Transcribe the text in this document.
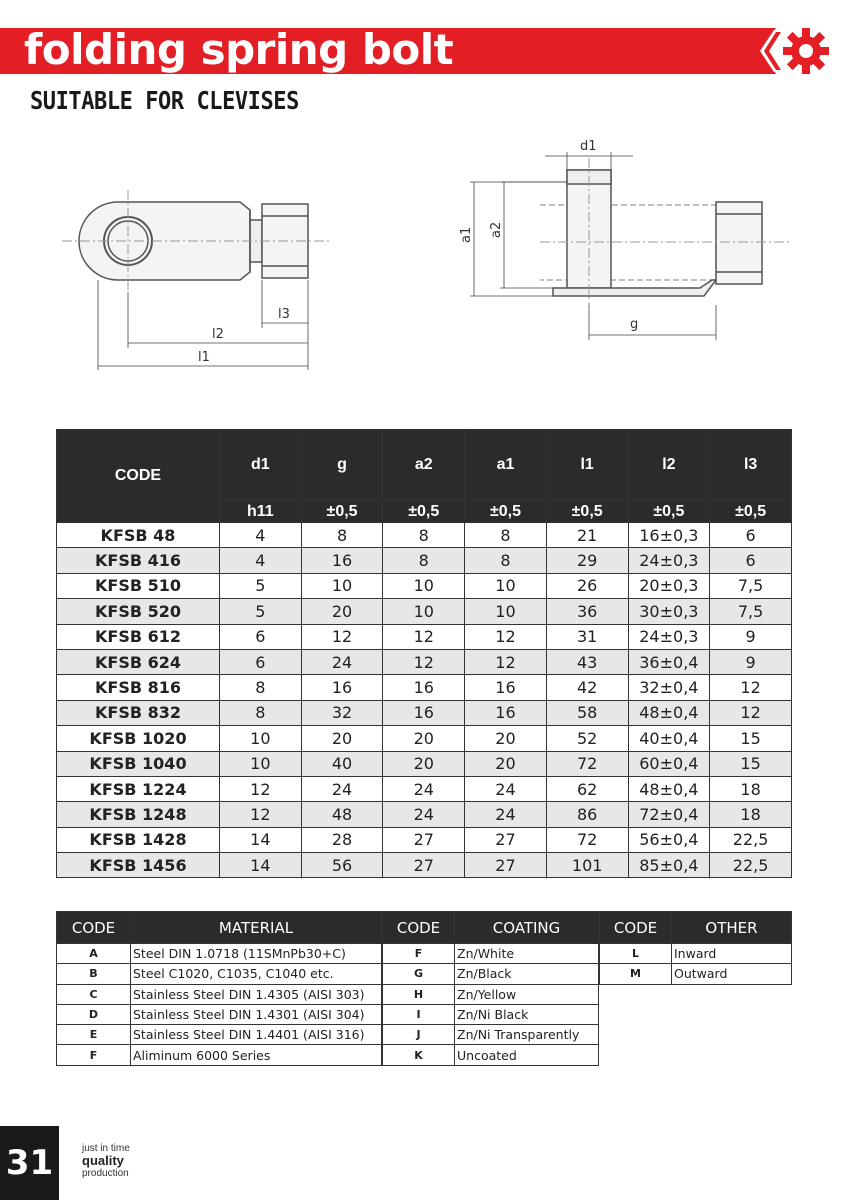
folding spring bolt
SUITABLE FOR CLEVISES
l3
l2
l1
d1
a1 a2
g
CODE	d1	g	a2	a1	l1	l2	l3
	h11	±0,5	±0,5	±0,5	±0,5	±0,5	±0,5
KFSB 48	4	8	8	8	21	16±0,3	6
KFSB 416	4	16	8	8	29	24±0,3	6
KFSB 510	5	10	10	10	26	20±0,3	7,5
KFSB 520	5	20	10	10	36	30±0,3	7,5
KFSB 612	6	12	12	12	31	24±0,3	9
KFSB 624	6	24	12	12	43	36±0,4	9
KFSB 816	8	16	16	16	42	32±0,4	12
KFSB 832	8	32	16	16	58	48±0,4	12
KFSB 1020	10	20	20	20	52	40±0,4	15
KFSB 1040	10	40	20	20	72	60±0,4	15
KFSB 1224	12	24	24	24	62	48±0,4	18
KFSB 1248	12	48	24	24	86	72±0,4	18
KFSB 1428	14	28	27	27	72	56±0,4	22,5
KFSB 1456	14	56	27	27	101	85±0,4	22,5
CODE	MATERIAL
A	Steel DIN 1.0718 (11SMnPb30+C)
B	Steel C1020, C1035, C1040 etc.
C	Stainless Steel DIN 1.4305 (AISI 303)
D	Stainless Steel DIN 1.4301 (AISI 304)
E	Stainless Steel DIN 1.4401 (AISI 316)
F	Aliminum 6000 Series
CODE	COATING
F	Zn/White
G	Zn/Black
H	Zn/Yellow
I	Zn/Ni Black
J	Zn/Ni Transparently
K	Uncoated
CODE	OTHER
L	Inward
M	Outward
31	just in time
quality
production
